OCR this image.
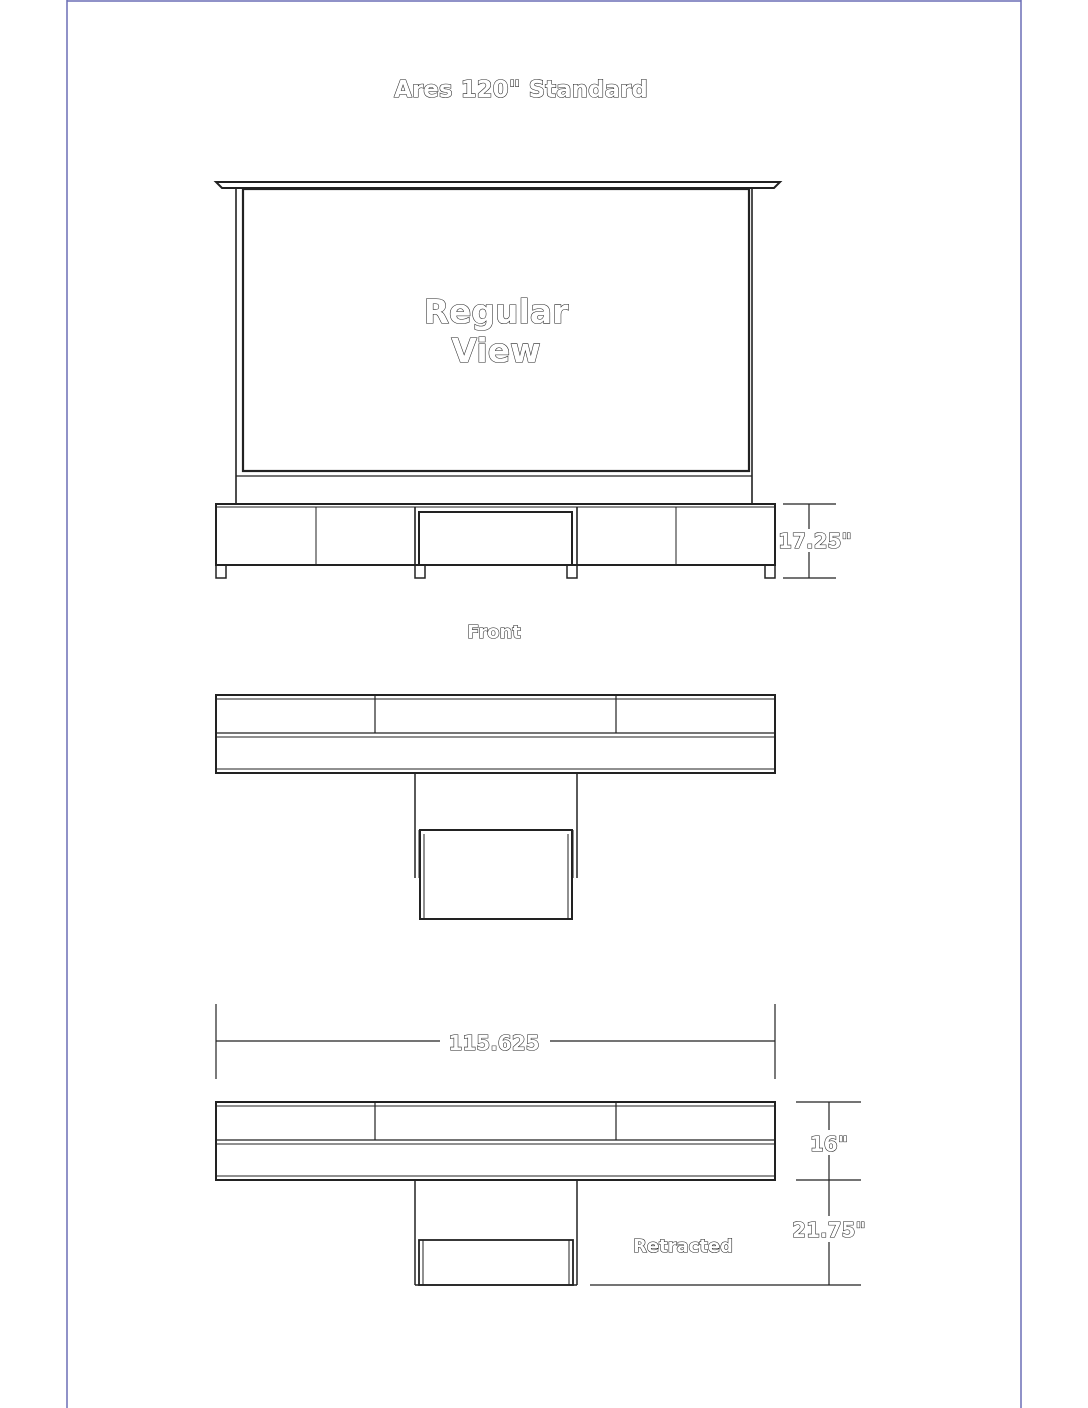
Ares 120" Standard
Regular
View
17.25"
Front
115.625
16"
21.75"
Retracted
